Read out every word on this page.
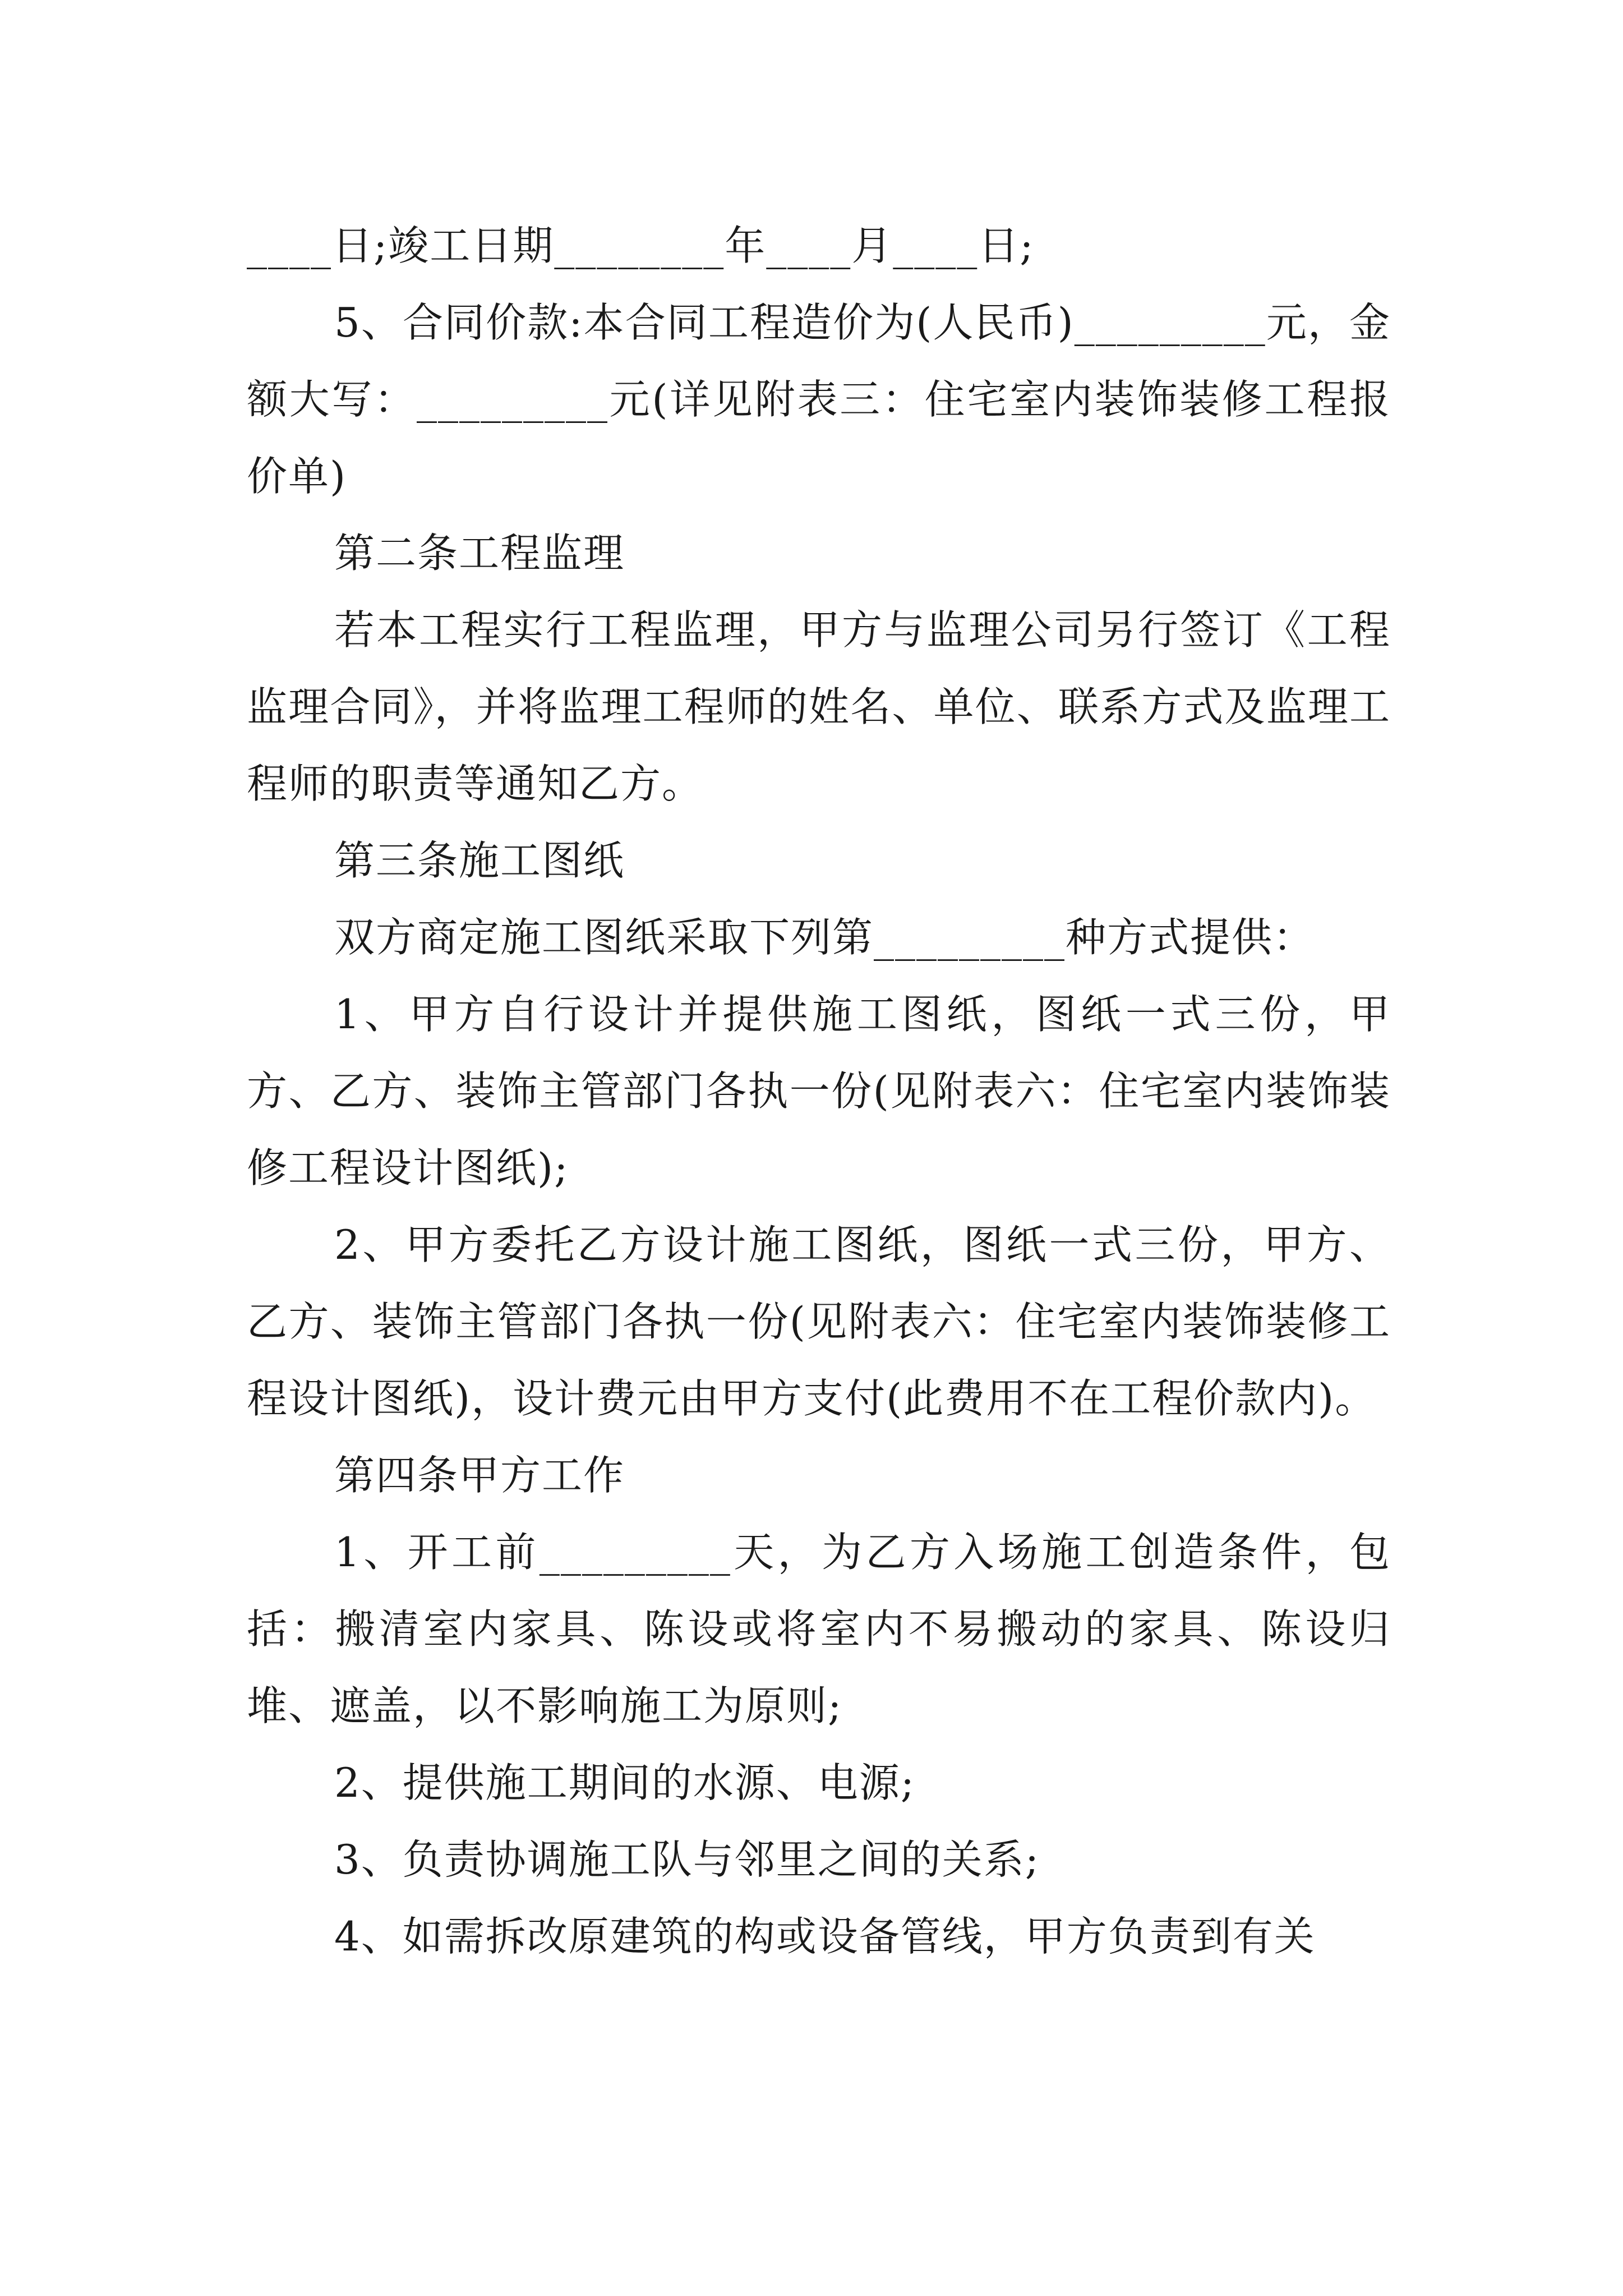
____日;竣工日期________年____月____日;

5、合同价款:本合同工程造价为(人民币)_________元，金额大写：_________元(详见附表三：住宅室内装饰装修工程报价单)

第二条工程监理

若本工程实行工程监理，甲方与监理公司另行签订《工程监理合同》，并将监理工程师的姓名、单位、联系方式及监理工程师的职责等通知乙方。

第三条施工图纸

双方商定施工图纸采取下列第_________种方式提供：

1、甲方自行设计并提供施工图纸，图纸一式三份，甲方、乙方、装饰主管部门各执一份(见附表六：住宅室内装饰装修工程设计图纸);

2、甲方委托乙方设计施工图纸，图纸一式三份，甲方、乙方、装饰主管部门各执一份(见附表六：住宅室内装饰装修工程设计图纸)，设计费元由甲方支付(此费用不在工程价款内)。

第四条甲方工作

1、开工前_________天，为乙方入场施工创造条件，包括：搬清室内家具、陈设或将室内不易搬动的家具、陈设归堆、遮盖，以不影响施工为原则;

2、提供施工期间的水源、电源;

3、负责协调施工队与邻里之间的关系;

4、如需拆改原建筑的构或设备管线，甲方负责到有关
